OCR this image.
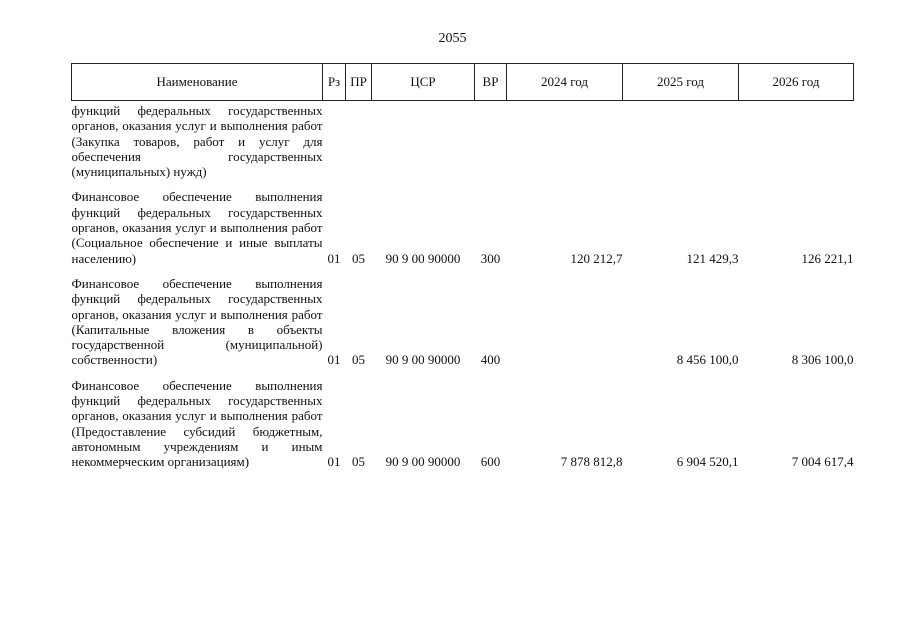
2055
Наименование	Рз	ПР	ЦСР	ВР	2024 год	2025 год	2026 год

функций федеральных государственных органов, оказания услуг и выполнения работ (Закупка товаров, работ и услуг для обеспечения государственных (муниципальных) нужд)							

Финансовое обеспечение выполнения функций федеральных государственных органов, оказания услуг и выполнения работ (Социальное обеспечение и иные выплаты населению)	01	05	90 9 00 90000	300	120 212,7	121 429,3	126 221,1

Финансовое обеспечение выполнения функций федеральных государственных органов, оказания услуг и выполнения работ (Капитальные вложения в объекты государственной (муниципальной) собственности)	01	05	90 9 00 90000	400		8 456 100,0	8 306 100,0

Финансовое обеспечение выполнения функций федеральных государственных органов, оказания услуг и выполнения работ (Предоставление субсидий бюджетным, автономным учреждениям и иным некоммерческим организациям)	01	05	90 9 00 90000	600	7 878 812,8	6 904 520,1	7 004 617,4
